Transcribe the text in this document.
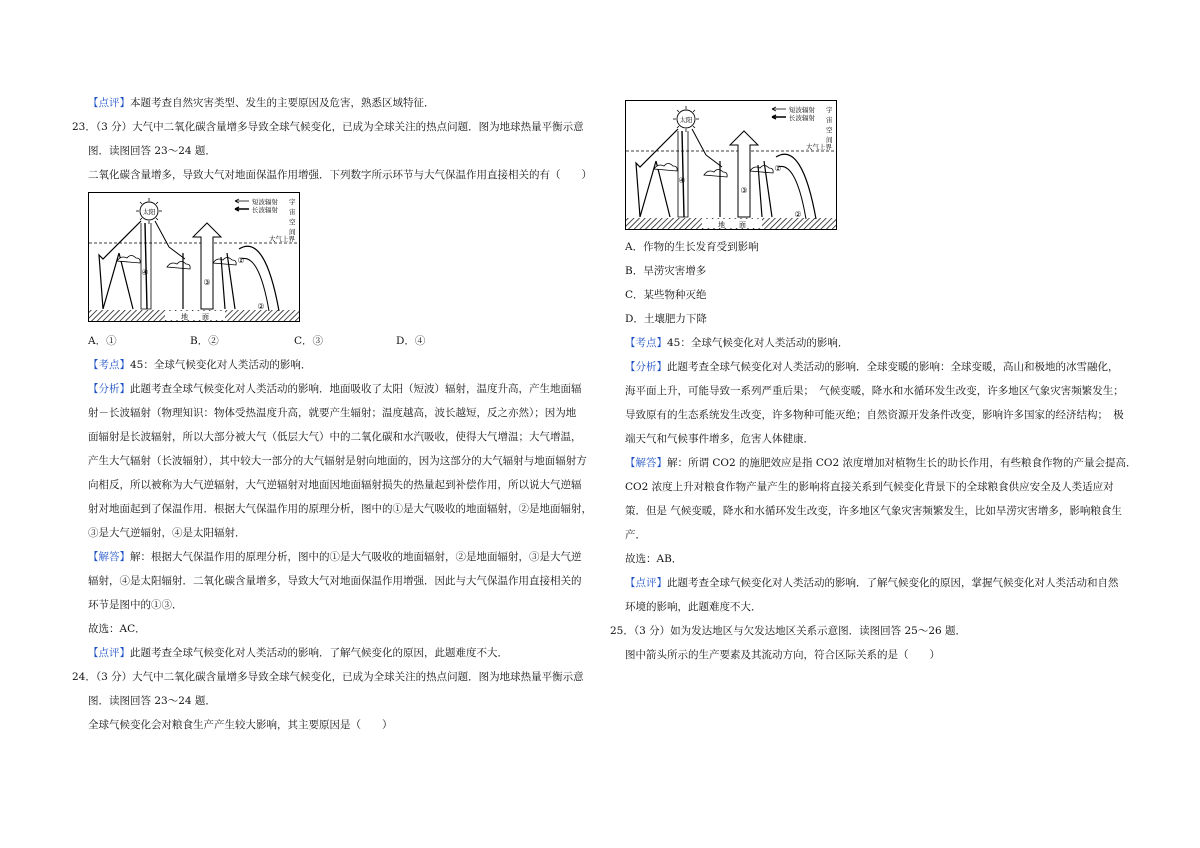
【点评】本题考查自然灾害类型、发生的主要原因及危害，熟悉区域特征．
23．（3 分）大气中二氧化碳含量增多导致全球气候变化，已成为全球关注的热点问题．图为地球热量平衡示意
图．读图回答 23～24 题．
二氧化碳含量增多，导致大气对地面保温作用增强．下列数字所示环节与大气保温作用直接相关的有（　　）
地　　面
大气上界
短波辐射
长波辐射
宇
宙
空
间
太阳
④
③
①
②
A．①	B．②	C．③	D．④
【考点】45：全球气候变化对人类活动的影响．
【分析】此题考查全球气候变化对人类活动的影响．地面吸收了太阳（短波）辐射，温度升高，产生地面辐
射－长波辐射（物理知识：物体受热温度升高，就要产生辐射；温度越高，波长越短，反之亦然）；因为地
面辐射是长波辐射，所以大部分被大气（低层大气）中的二氧化碳和水汽吸收，使得大气增温；大气增温，
产生大气辐射（长波辐射），其中较大一部分的大气辐射是射向地面的，因为这部分的大气辐射与地面辐射方
向相反，所以被称为大气逆辐射，大气逆辐射对地面因地面辐射损失的热量起到补偿作用，所以说大气逆辐
射对地面起到了保温作用．根据大气保温作用的原理分析，图中的①是大气吸收的地面辐射，②是地面辐射，
③是大气逆辐射，④是太阳辐射．
【解答】解：根据大气保温作用的原理分析，图中的①是大气吸收的地面辐射，②是地面辐射，③是大气逆
辐射，④是太阳辐射．二氧化碳含量增多，导致大气对地面保温作用增强．因此与大气保温作用直接相关的
环节是图中的①③．
故选：AC．
【点评】此题考查全球气候变化对人类活动的影响．了解气候变化的原因，此题难度不大．
24．（3 分）大气中二氧化碳含量增多导致全球气候变化，已成为全球关注的热点问题．图为地球热量平衡示意
图．读图回答 23～24 题．
全球气候变化会对粮食生产产生较大影响，其主要原因是（　　）
地　　面
大气上界
短波辐射
长波辐射
宇
宙
空
间
太阳
④
③
①
②
A．作物的生长发育受到影响
B．旱涝灾害增多
C．某些物种灭绝
D．土壤肥力下降
【考点】45：全球气候变化对人类活动的影响．
【分析】此题考查全球气候变化对人类活动的影响．全球变暖的影响：全球变暖，高山和极地的冰雪融化，
海平面上升，可能导致一系列严重后果；　气候变暖，降水和水循环发生改变，许多地区气象灾害频繁发生；
导致原有的生态系统发生改变，许多物种可能灭绝；自然资源开发条件改变，影响许多国家的经济结构；　极
端天气和气候事件增多，危害人体健康．
【解答】解：所谓 CO2 的施肥效应是指 CO2 浓度增加对植物生长的助长作用，有些粮食作物的产量会提高．
CO2 浓度上升对粮食作物产量产生的影响将直接关系到气候变化背景下的全球粮食供应安全及人类适应对
策．但是 气候变暖，降水和水循环发生改变，许多地区气象灾害频繁发生，比如旱涝灾害增多，影响粮食生
产．
故选：AB．
【点评】此题考查全球气候变化对人类活动的影响．了解气候变化的原因，掌握气候变化对人类活动和自然
环境的影响，此题难度不大．
25．（3 分）如为发达地区与欠发达地区关系示意图．读图回答 25～26 题．
图中箭头所示的生产要素及其流动方向，符合区际关系的是（　　）
